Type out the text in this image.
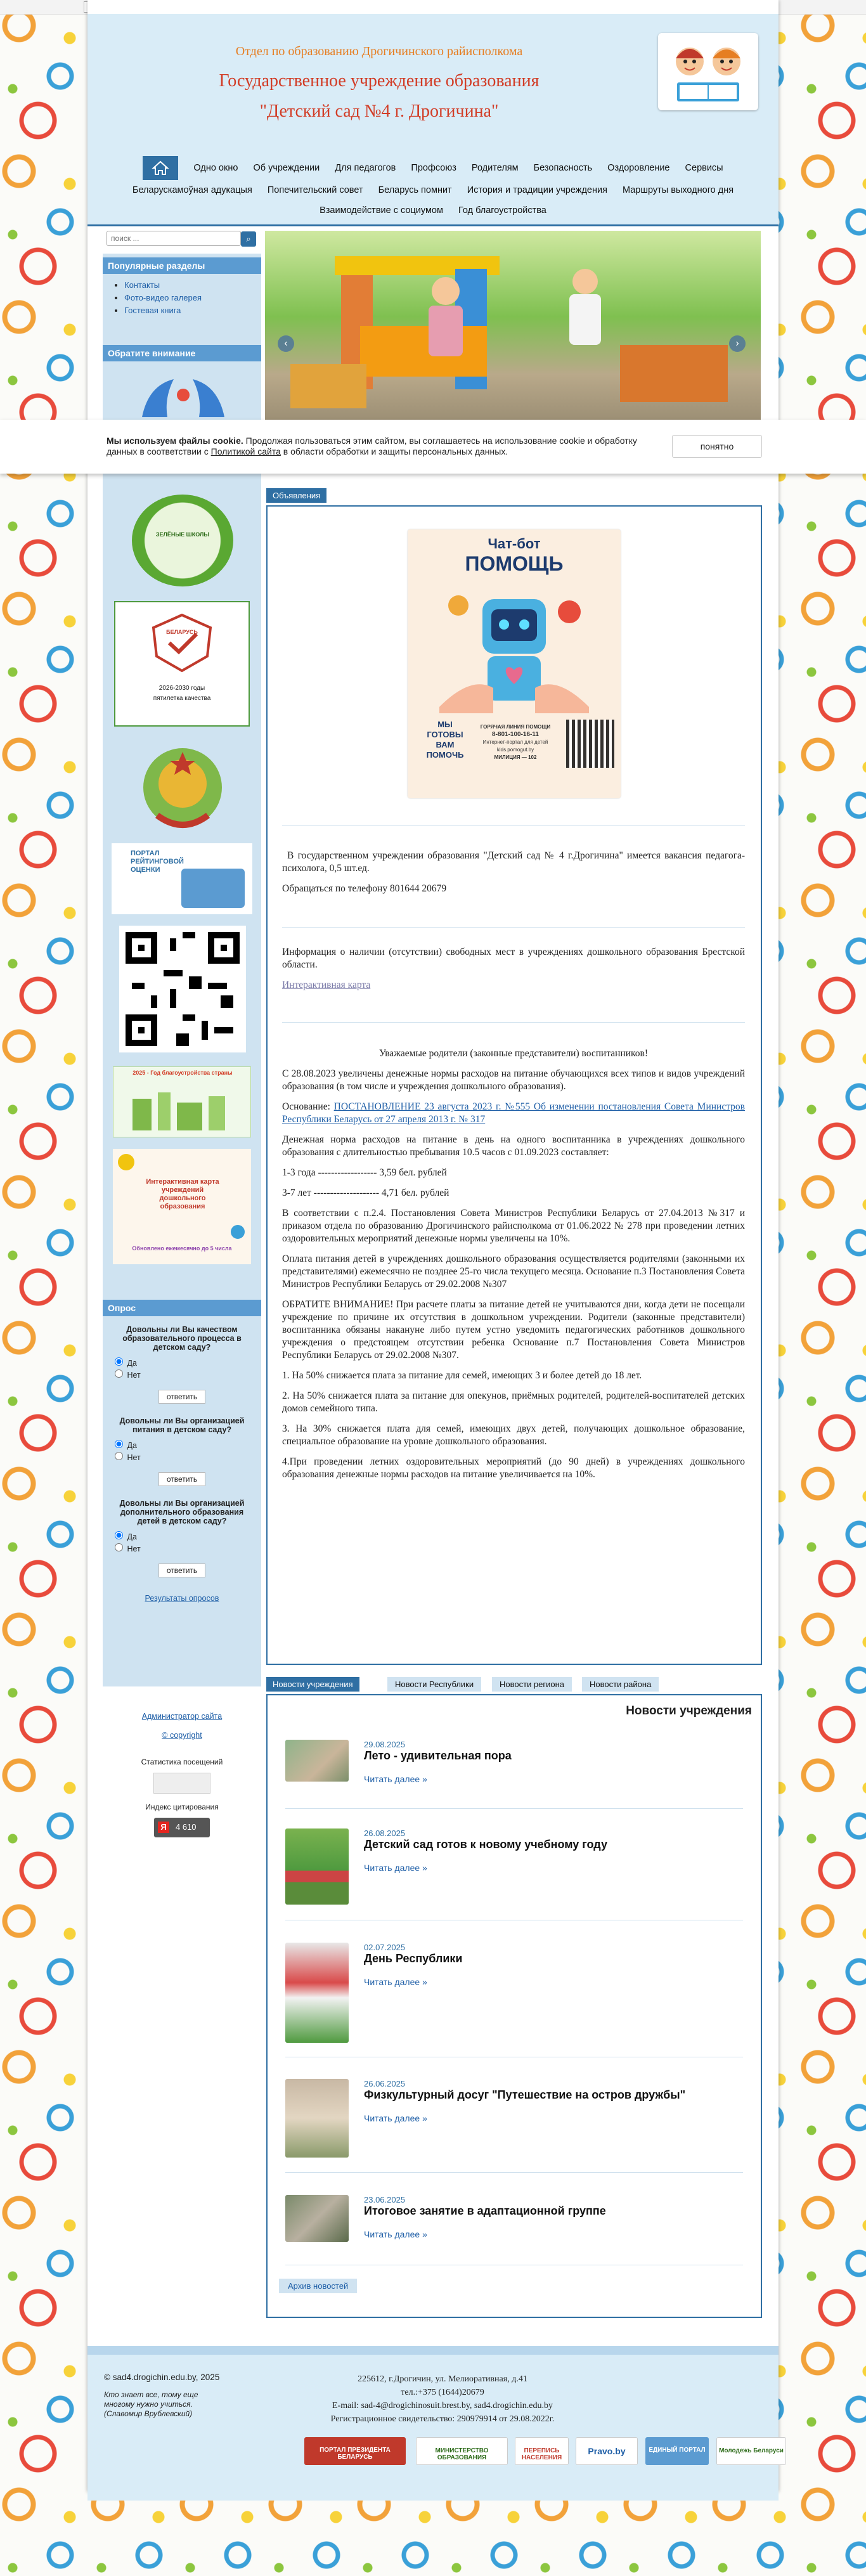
Отдел по образованию Дрогичинского райисполкома
Государственное учреждение образования
"Детский сад №4 г. Дрогичина"
Одно окно Об учреждении Для педагогов Профсоюз Родителям Безопасность Оздоровление Сервисы
Беларускамоўная адукацыя Попечительский совет Беларусь помнит История и традиции учреждения Маршруты выходного дня
Взаимодействие с социумом Год благоустройства
поиск ...
⌕
Популярные разделы
• Контакты
• Фото-видео галерея
• Гостевая книга
Обратите внимание
ЗЕЛЁНЫЕ ШКОЛЫ
БЕЛАРУСЬ
2026-2030 годы
пятилетка качества
ПОРТАЛ РЕЙТИНГОВОЙ ОЦЕНКИ
2025 - Год благоустройства страны
Интерактивная карта учреждений дошкольного образования
Обновлено ежемесячно до 5 числа
Опрос
Довольны ли Вы качеством образовательного процесса в детском саду?
Да
Нет
ответить
Довольны ли Вы организацией питания в детском саду?
Да
Нет
ответить
Довольны ли Вы организацией дополнительного образования детей в детском саду?
Да
Нет
ответить
Результаты опросов
Администратор сайта
© copyright
Статистика посещений
Индекс цитирования
Я	4 610
‹	›
Мы используем файлы cookie. Продолжая пользоваться этим сайтом, вы соглашаетесь на использование cookie и обработку данных в соответствии с Политикой сайта в области обработки и защиты персональных данных.	понятно
Объявления
Чат-бот
ПОМОЩЬ
МЫ
ГОТОВЫ
ВАМ
ПОМОЧЬ
ГОРЯЧАЯ ЛИНИЯ ПОМОЩИ
8-801-100-16-11
Интернет-портал для детей kids.pomogut.by
МИЛИЦИЯ — 102

В государственном учреждении образования "Детский сад № 4 г.Дрогичина" имеется вакансия педагога-психолога, 0,5 шт.ед.

Обращаться по телефону 801644 20679

Информация о наличии (отсутствии) свободных мест в учреждениях дошкольного образования Брестской области.

Интерактивная карта

Уважаемые родители (законные представители) воспитанников!

С 28.08.2023 увеличены денежные нормы расходов на питание обучающихся всех типов и видов учреждений образования (в том числе и учреждения дошкольного образования).

Основание: ПОСТАНОВЛЕНИЕ 23 августа 2023 г. №555 Об изменении постановления Совета Министров Республики Беларусь от 27 апреля 2013 г. № 317

Денежная норма расходов на питание в день на одного воспитанника в учреждениях дошкольного образования с длительностью пребывания 10.5 часов с 01.09.2023 составляет:

1-3 года ------------------ 3,59 бел. рублей

3-7 лет -------------------- 4,71 бел. рублей

В соответствии с п.2.4. Постановления Совета Министров Республики Беларусь от 27.04.2013 №317 и приказом отдела по образованию Дрогичинского райисполкома от 01.06.2022 № 278 при проведении летних оздоровительных мероприятий денежные нормы увеличены на 10%.

Оплата питания детей в учреждениях дошкольного образования осуществляется родителями (законными их представителями) ежемесячно не позднее 25-го числа текущего месяца. Основание п.3 Постановления Совета Министров Республики Беларусь от 29.02.2008 №307

ОБРАТИТЕ ВНИМАНИЕ! При расчете платы за питание детей не учитываются дни, когда дети не посещали учреждение по причине их отсутствия в дошкольном учреждении. Родители (законные представители) воспитанника обязаны накануне либо путем устно уведомить педагогических работников дошкольного учреждения о предстоящем отсутствии ребенка Основание п.7 Постановления Совета Министров Республики Беларусь от 29.02.2008 №307.

1. На 50% снижается плата за питание для семей, имеющих 3 и более детей до 18 лет.

2. На 50% снижается плата за питание для опекунов, приёмных родителей, родителей-воспитателей детских домов семейного типа.

3. На 30% снижается плата для семей, имеющих двух детей, получающих дошкольное образование, специальное образование на уровне дошкольного образования.

4.При проведении летних оздоровительных мероприятий (до 90 дней) в учреждениях дошкольного образования денежные нормы расходов на питание увеличивается на 10%.

Новости учреждения	Новости Республики	Новости региона	Новости района
Новости учреждения
29.08.2025
Лето - удивительная пора
Читать далее »
26.08.2025
Детский сад готов к новому учебному году
Читать далее »
02.07.2025
День Республики
Читать далее »
26.06.2025
Физкультурный досуг "Путешествие на остров дружбы"
Читать далее »
23.06.2025
Итоговое занятие в адаптационной группе
Читать далее »
Архив новостей
© sad4.drogichin.edu.by, 2025
Кто знает все, тому еще многому нужно учиться. (Славомир Врублевский)
225612, г.Дрогичин, ул. Мелиоративная, д.41
тел.:+375 (1644)20679
E-mail: sad-4@drogichinosuit.brest.by, sad4.drogichin.edu.by
Регистрационное свидетельство: 290979914 от 29.08.2022г.
ПОРТАЛ ПРЕЗИДЕНТА БЕЛАРУСЬ
МИНИСТЕРСТВО ОБРАЗОВАНИЯ
ПЕРЕПИСЬ НАСЕЛЕНИЯ
Pravo.by	ЕДИНЫЙ ПОРТАЛ	Молодежь Беларуси
